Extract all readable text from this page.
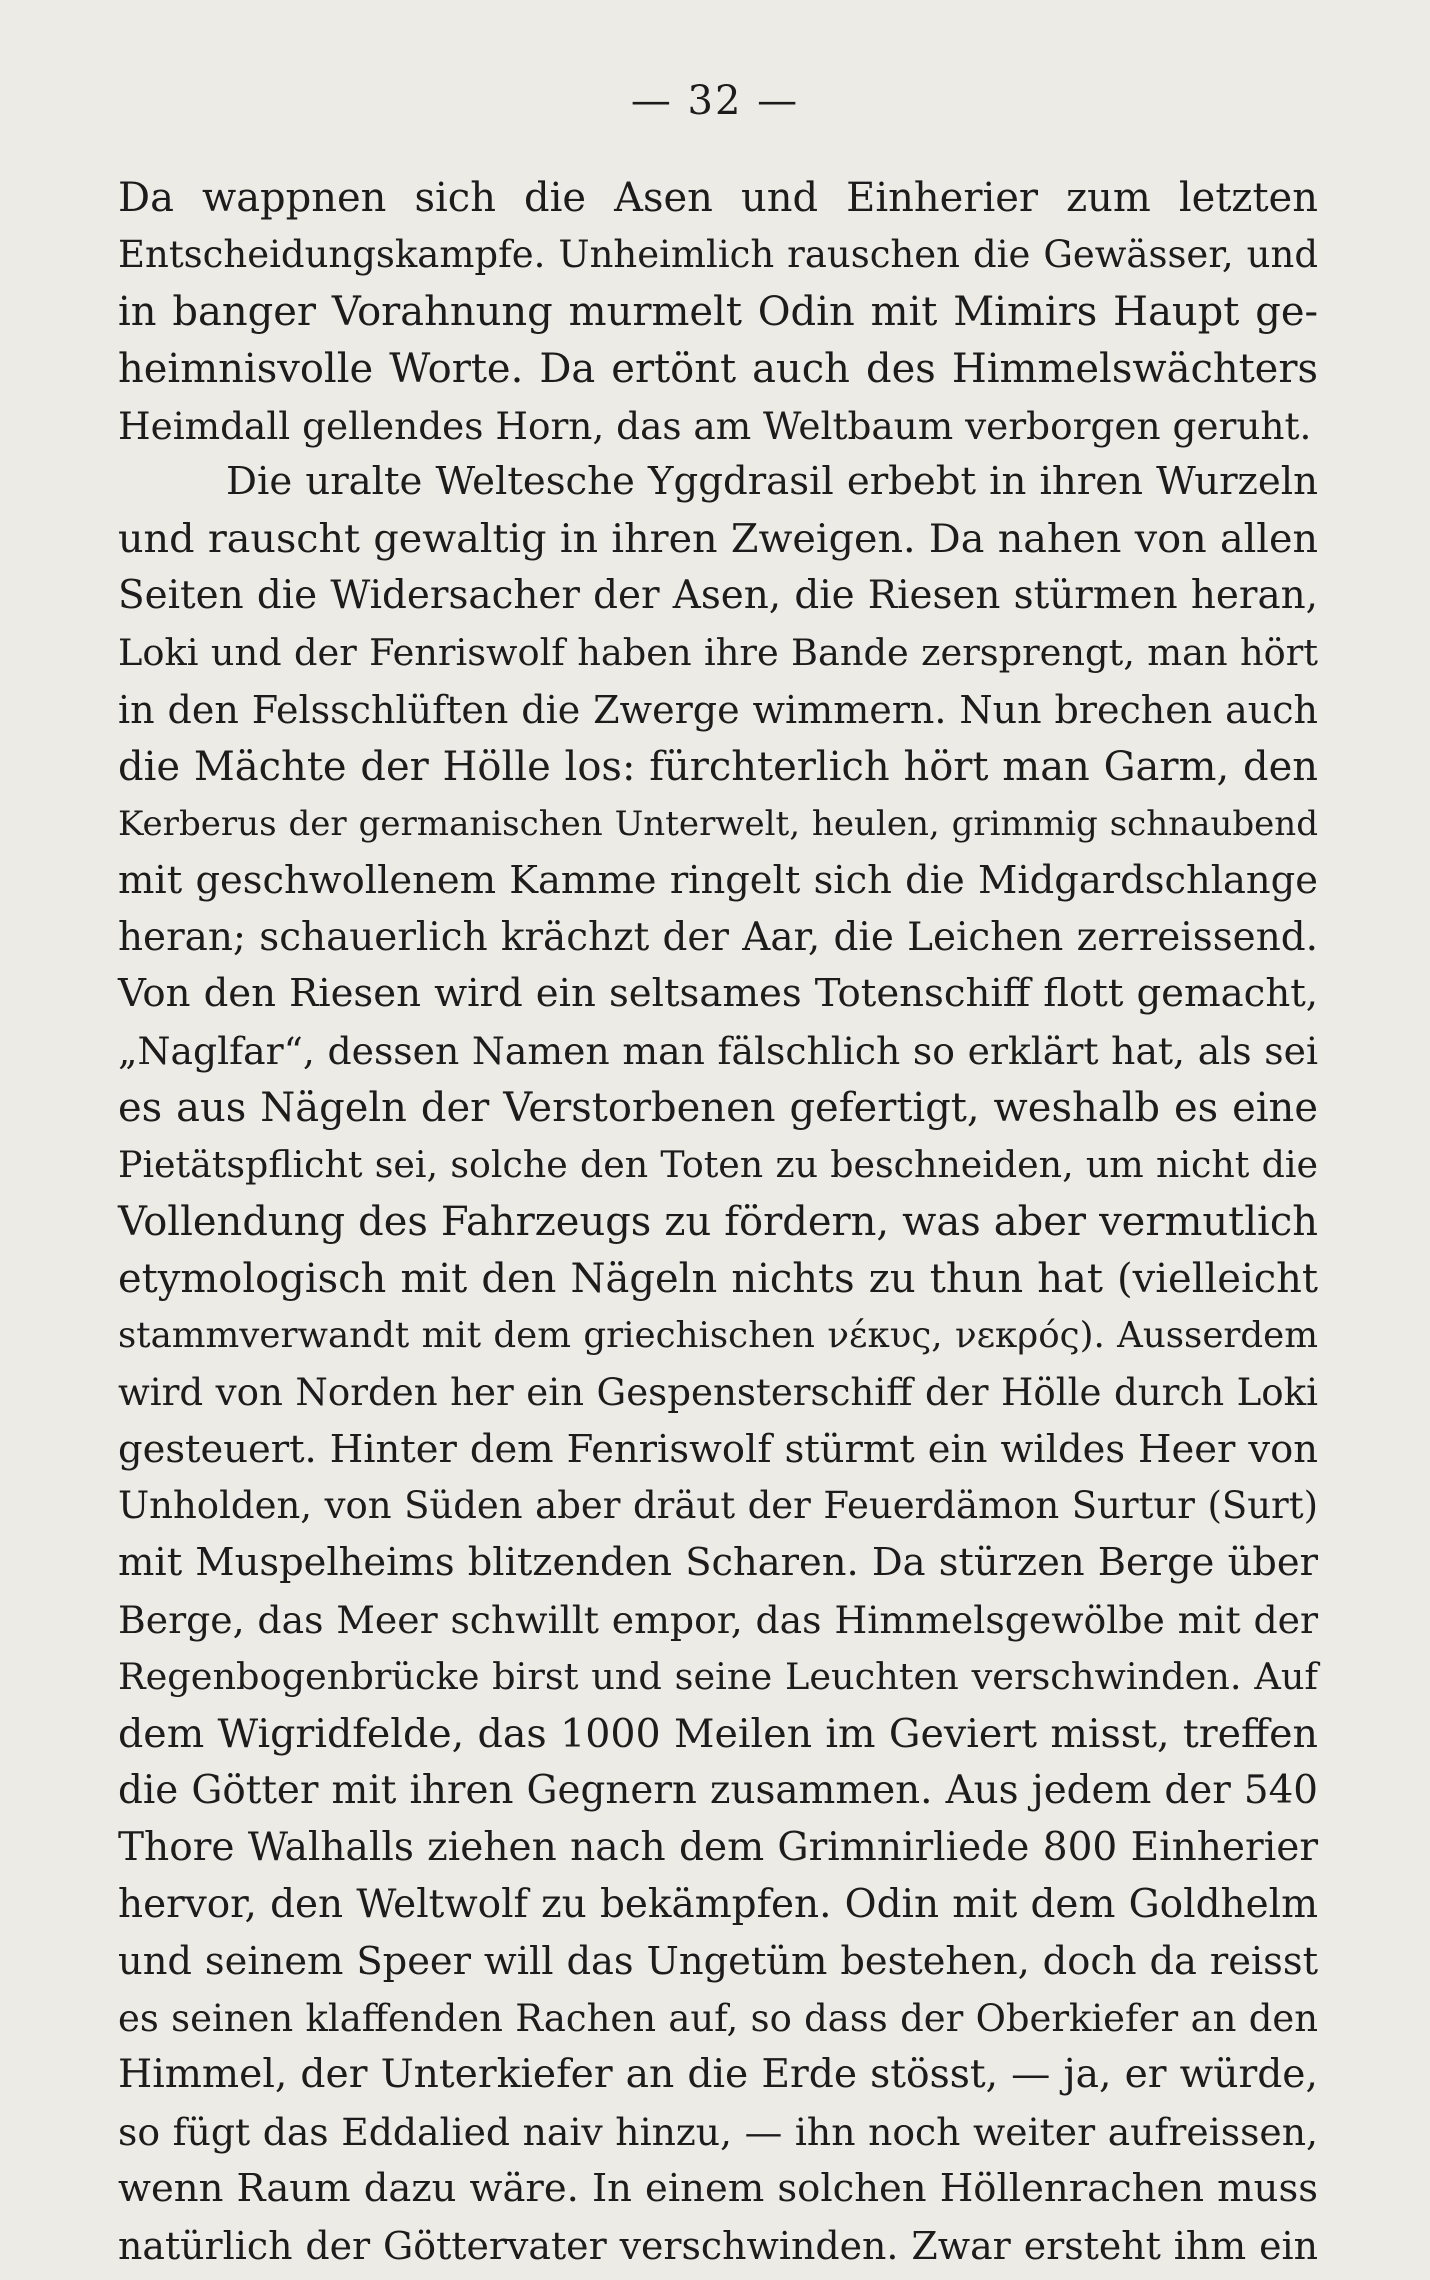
— 32 —
Da wappnen sich die Asen und Einherier zum letzten
Entscheidungskampfe. Unheimlich rauschen die Gewässer, und
in banger Vorahnung murmelt Odin mit Mimirs Haupt ge-
heimnisvolle Worte. Da ertönt auch des Himmelswächters
Heimdall gellendes Horn, das am Weltbaum verborgen geruht.
Die uralte Weltesche Yggdrasil erbebt in ihren Wurzeln
und rauscht gewaltig in ihren Zweigen. Da nahen von allen
Seiten die Widersacher der Asen, die Riesen stürmen heran,
Loki und der Fenriswolf haben ihre Bande zersprengt, man hört
in den Felsschlüften die Zwerge wimmern. Nun brechen auch
die Mächte der Hölle los: fürchterlich hört man Garm, den
Kerberus der germanischen Unterwelt, heulen, grimmig schnaubend
mit geschwollenem Kamme ringelt sich die Midgardschlange
heran; schauerlich krächzt der Aar, die Leichen zerreissend.
Von den Riesen wird ein seltsames Totenschiff flott gemacht,
„Naglfar“, dessen Namen man fälschlich so erklärt hat, als sei
es aus Nägeln der Verstorbenen gefertigt, weshalb es eine
Pietätspflicht sei, solche den Toten zu beschneiden, um nicht die
Vollendung des Fahrzeugs zu fördern, was aber vermutlich
etymologisch mit den Nägeln nichts zu thun hat (vielleicht
stammverwandt mit dem griechischen νέκυς, νεκρός). Ausserdem
wird von Norden her ein Gespensterschiff der Hölle durch Loki
gesteuert. Hinter dem Fenriswolf stürmt ein wildes Heer von
Unholden, von Süden aber dräut der Feuerdämon Surtur (Surt)
mit Muspelheims blitzenden Scharen. Da stürzen Berge über
Berge, das Meer schwillt empor, das Himmelsgewölbe mit der
Regenbogenbrücke birst und seine Leuchten verschwinden. Auf
dem Wigridfelde, das 1000 Meilen im Geviert misst, treffen
die Götter mit ihren Gegnern zusammen. Aus jedem der 540
Thore Walhalls ziehen nach dem Grimnirliede 800 Einherier
hervor, den Weltwolf zu bekämpfen. Odin mit dem Goldhelm
und seinem Speer will das Ungetüm bestehen, doch da reisst
es seinen klaffenden Rachen auf, so dass der Oberkiefer an den
Himmel, der Unterkiefer an die Erde stösst, — ja, er würde,
so fügt das Eddalied naiv hinzu, — ihn noch weiter aufreissen,
wenn Raum dazu wäre. In einem solchen Höllenrachen muss
natürlich der Göttervater verschwinden. Zwar ersteht ihm ein
